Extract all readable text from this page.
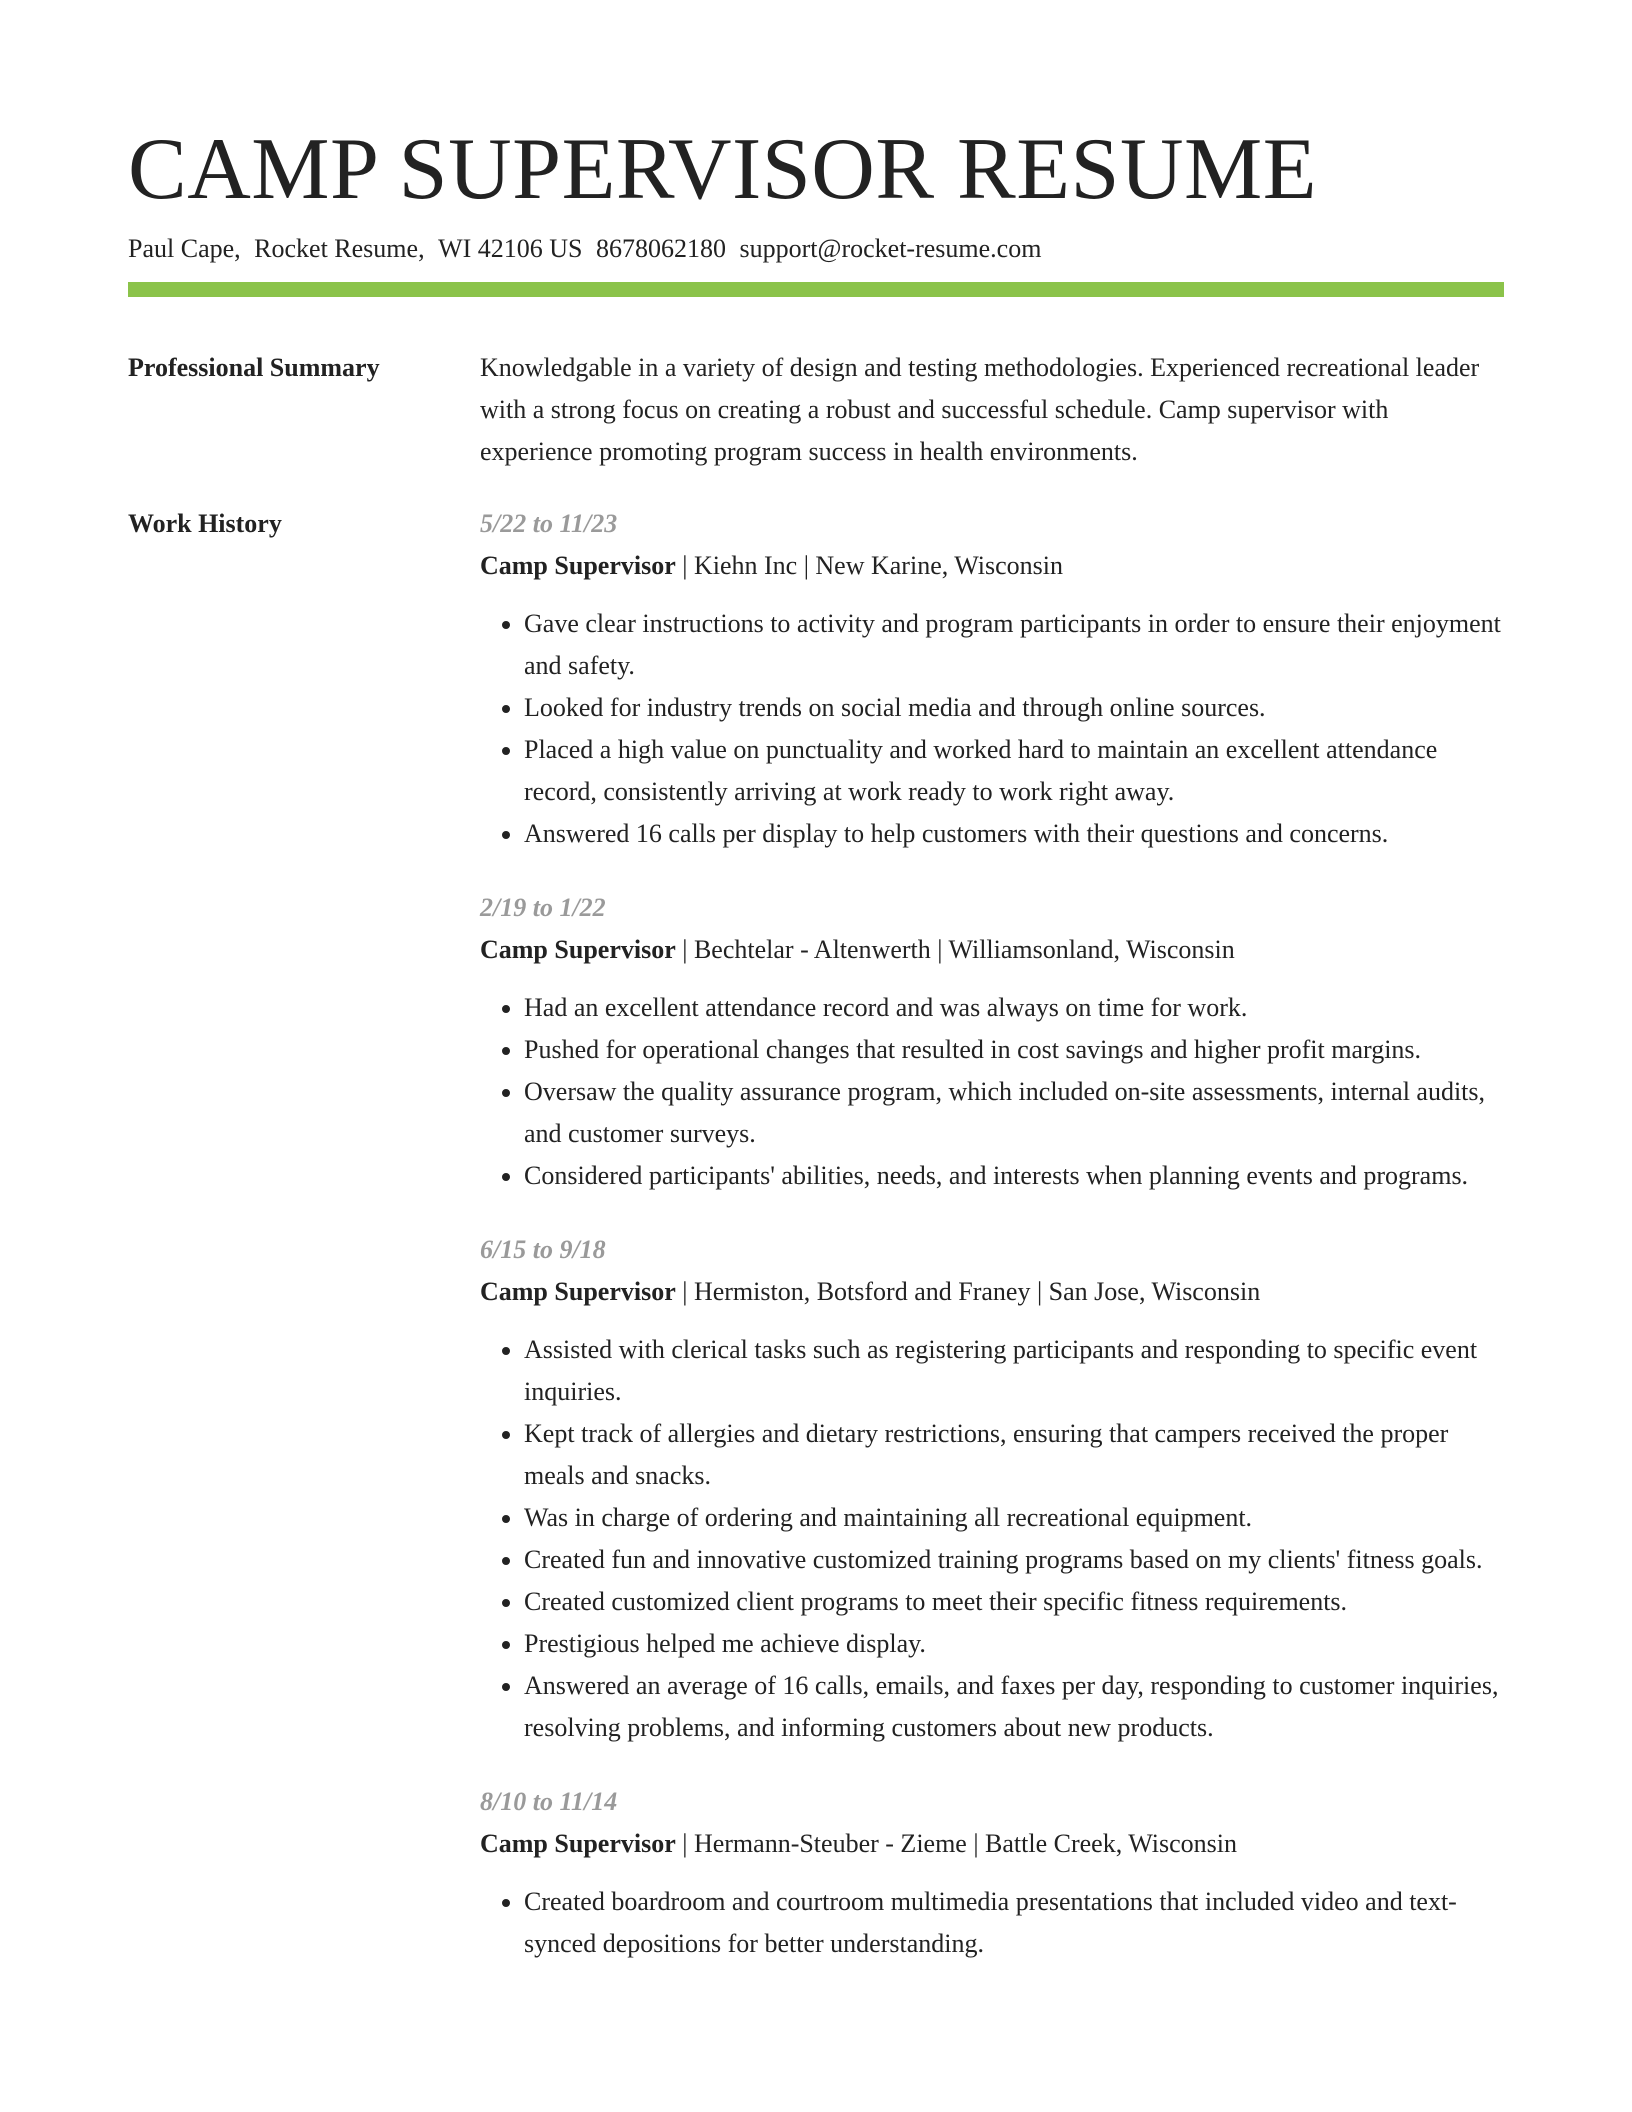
CAMP SUPERVISOR RESUME
Paul Cape, Rocket Resume, WI 42106 US 8678062180 support@rocket-resume.com
Professional Summary	Knowledgable in a variety of design and testing methodologies. Experienced recreational leader with a strong focus on creating a robust and successful schedule. Camp supervisor with experience promoting program success in health environments.
Work History	5/22 to 11/23
Camp Supervisor | Kiehn Inc | New Karine, Wisconsin
• Gave clear instructions to activity and program participants in order to ensure their enjoyment and safety.
• Looked for industry trends on social media and through online sources.
• Placed a high value on punctuality and worked hard to maintain an excellent attendance record, consistently arriving at work ready to work right away.
• Answered 16 calls per display to help customers with their questions and concerns.
2/19 to 1/22
Camp Supervisor | Bechtelar - Altenwerth | Williamsonland, Wisconsin
• Had an excellent attendance record and was always on time for work.
• Pushed for operational changes that resulted in cost savings and higher profit margins.
• Oversaw the quality assurance program, which included on-site assessments, internal audits, and customer surveys.
• Considered participants' abilities, needs, and interests when planning events and programs.
6/15 to 9/18
Camp Supervisor | Hermiston, Botsford and Franey | San Jose, Wisconsin
• Assisted with clerical tasks such as registering participants and responding to specific event inquiries.
• Kept track of allergies and dietary restrictions, ensuring that campers received the proper meals and snacks.
• Was in charge of ordering and maintaining all recreational equipment.
• Created fun and innovative customized training programs based on my clients' fitness goals.
• Created customized client programs to meet their specific fitness requirements.
• Prestigious helped me achieve display.
• Answered an average of 16 calls, emails, and faxes per day, responding to customer inquiries, resolving problems, and informing customers about new products.
8/10 to 11/14
Camp Supervisor | Hermann-Steuber - Zieme | Battle Creek, Wisconsin
• Created boardroom and courtroom multimedia presentations that included video and text-synced depositions for better understanding.
